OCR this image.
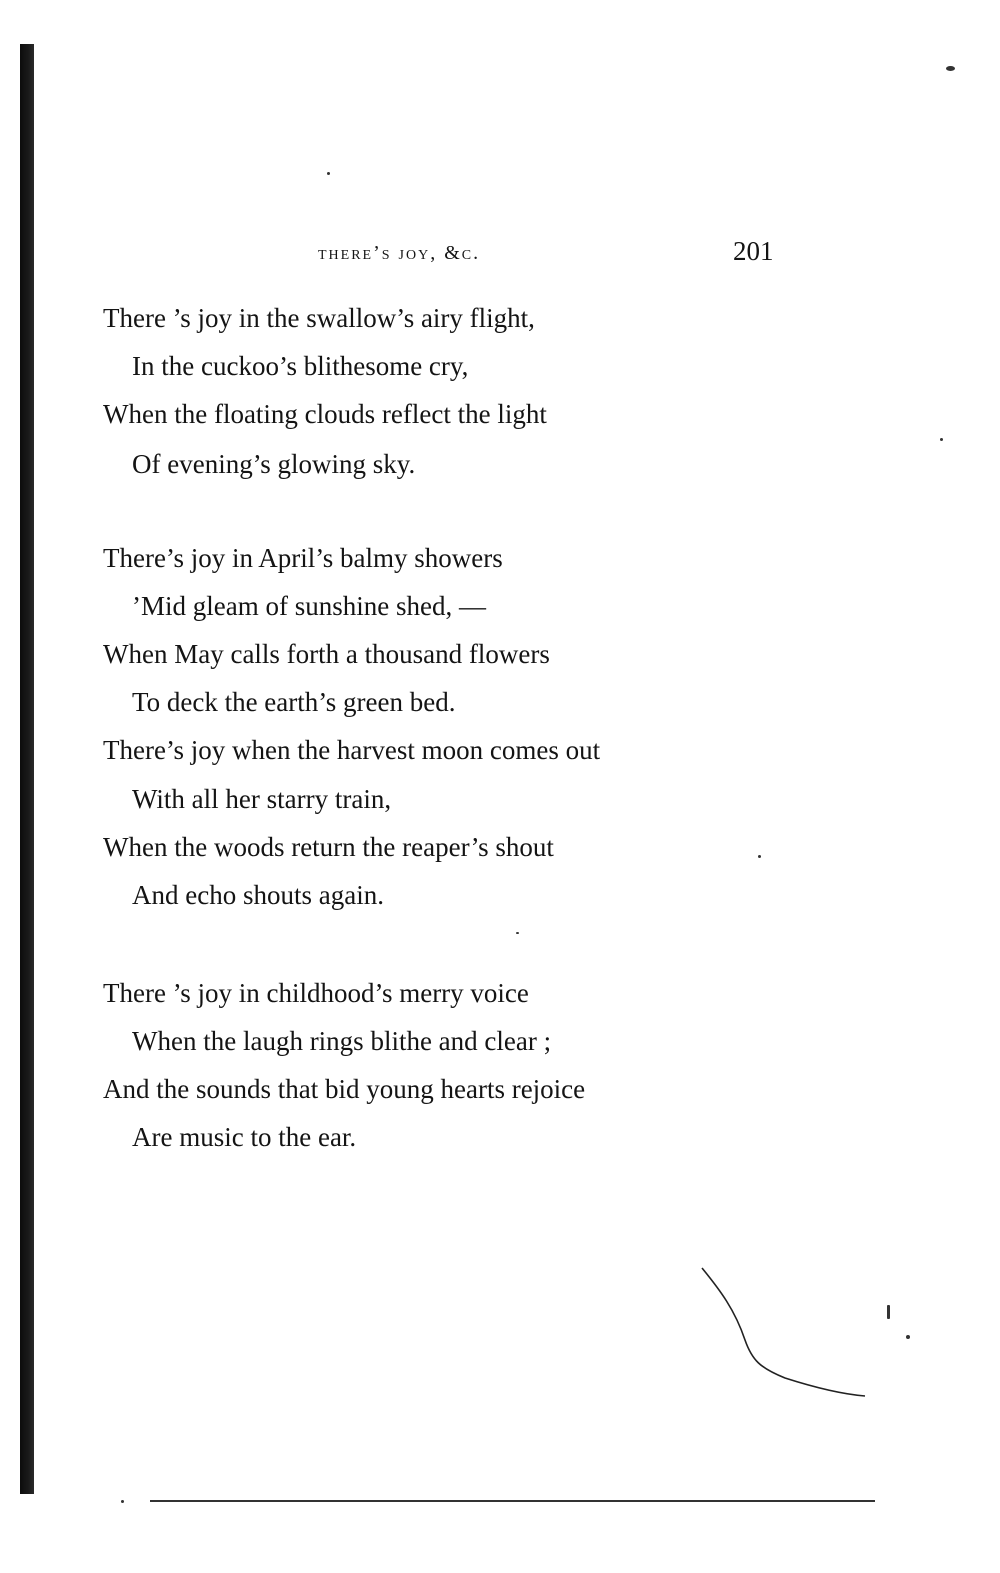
there’s joy, &c.	201
There ’s joy in the swallow’s airy flight,
In the cuckoo’s blithesome cry,
When the floating clouds reflect the light
Of evening’s glowing sky.
There’s joy in April’s balmy showers
’Mid gleam of sunshine shed, —
When May calls forth a thousand flowers
To deck the earth’s green bed.
There’s joy when the harvest moon comes out
With all her starry train,
When the woods return the reaper’s shout
And echo shouts again.
There ’s joy in childhood’s merry voice
When the laugh rings blithe and clear ;
And the sounds that bid young hearts rejoice
Are music to the ear.
